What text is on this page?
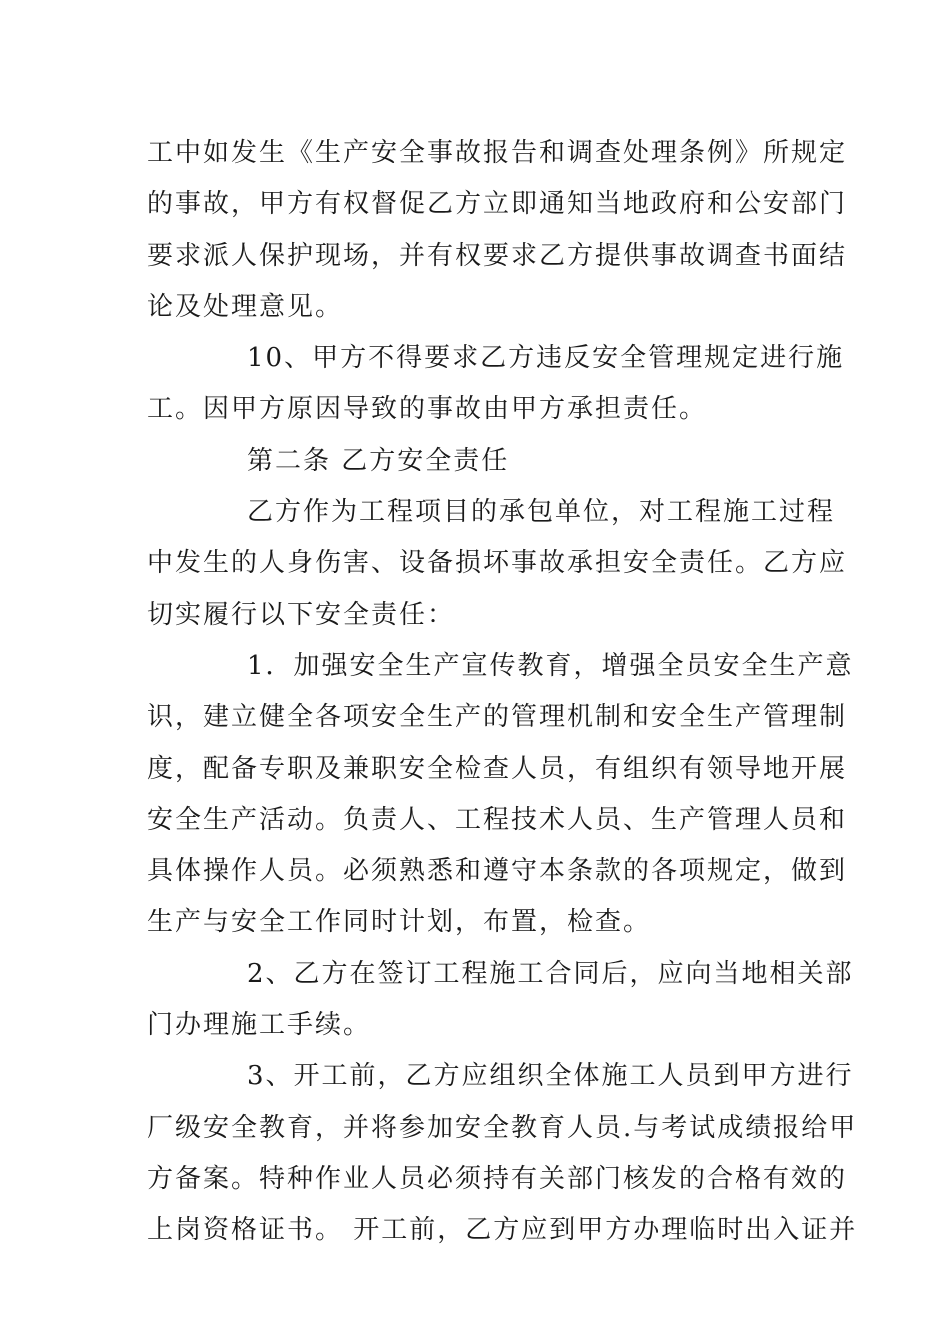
工中如发生《生产安全事故报告和调查处理条例》所规定
的事故，甲方有权督促乙方立即通知当地政府和公安部门
要求派人保护现场，并有权要求乙方提供事故调查书面结
论及处理意见。
10、甲方不得要求乙方违反安全管理规定进行施
工。因甲方原因导致的事故由甲方承担责任。
第二条 乙方安全责任
乙方作为工程项目的承包单位，对工程施工过程
中发生的人身伤害、设备损坏事故承担安全责任。乙方应
切实履行以下安全责任：
1．加强安全生产宣传教育，增强全员安全生产意
识，建立健全各项安全生产的管理机制和安全生产管理制
度，配备专职及兼职安全检查人员，有组织有领导地开展
安全生产活动。负责人、工程技术人员、生产管理人员和
具体操作人员。必须熟悉和遵守本条款的各项规定，做到
生产与安全工作同时计划，布置，检查。
2、乙方在签订工程施工合同后，应向当地相关部
门办理施工手续。
3、开工前，乙方应组织全体施工人员到甲方进行
厂级安全教育，并将参加安全教育人员.与考试成绩报给甲
方备案。特种作业人员必须持有关部门核发的合格有效的
上岗资格证书。 开工前，乙方应到甲方办理临时出入证并
